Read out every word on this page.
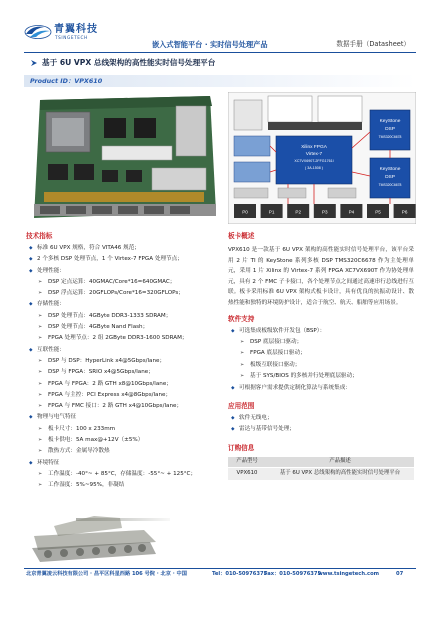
青翼科技
TSINGETECH
嵌入式智能平台 · 实时信号处理产品	数据手册（Datasheet）
基于 6U VPX 总线架构的高性能实时信号处理平台
Product ID：VPX610
Xilinx FPGA
Virtex-7
XC7VX690T-2FFG1761I
( 3A-1508 )
KeyStone
DSP
TMS320C6678
KeyStone
DSP
TMS320C6678
P0	P1	P2	P3	P4	P5	P6
技术指标
◆ 标准 6U VPX 规格，符合 VITA46 规范；
◆ 2 个多核 DSP 处理节点，1 个 Virtex-7 FPGA 处理节点；
◆ 处理性能：
➢ DSP 定点运算：40GMAC/Core*16=640GMAC；
➢ DSP 浮点运算：20GFLOPs/Core*16=320GFLOPs；
◆ 存储性能：
➢ DSP 处理节点：4GByte DDR3-1333 SDRAM；
➢ DSP 处理节点：4GByte Nand Flash；
➢ FPGA 处理节点：2 组 2GByte DDR3-1600 SDRAM；
◆ 互联性能：
➢ DSP 与 DSP：HyperLink x4@5Gbps/lane；
➢ DSP 与 FPGA：SRIO x4@5Gbps/lane；
➢ FPGA 与 FPGA：2 路 GTH x8@10Gbps/lane；
➢ FPGA 与主控：PCI Express x4@8Gbps/lane；
➢ FPGA 与 FMC 接口：2 路 GTH x4@10Gbps/lane；
◆ 物理与电气特征
➢ 板卡尺寸：100 x 233mm
➢ 板卡供电：5A max@+12V（±5%）
➢ 散热方式：金属导冷散热
◆ 环境特征
➢ 工作温度：-40°~ + 85°C，存储温度：-55°~ + 125°C；
➢ 工作湿度：5%~95%，非凝结
板卡概述
VPX610 是一款基于 6U VPX 架构的高性能实时信号处理平台，该平台采用 2 片 TI 的 KeyStone 系列多核 DSP TMS320C6678 作为主处理单元，采用 1 片 Xilinx 的 Virtex-7 系列 FPGA XC7VX690T 作为协处理单元，具有 2 个 FMC 子卡接口，各个处理节点之间通过高速串行总线进行互联。板卡采用标准 6U VPX 架构式板卡设计，具有优良的抗振动设计、散热性能和独特的环境防护设计，适合于航空、航天、船舶等应用场景。
软件支持
◆ 可选集成板级软件开发包（BSP）：
➢ DSP 底层接口驱动；
➢ FPGA 底层接口驱动；
➢ 板级互联接口驱动；
➢ 基于 SYS/BIOS 的多核并行处理底层驱动；
◆ 可根据客户需求提供定制化算法与系统集成：
应用范围
◆ 软件无线电；
◆ 雷达与基带信号处理；
订购信息
产品型号	产品描述
VPX610	基于 6U VPX 总线架构的高性能实时信号处理平台
北京青翼凌云科技有限公司 · 昌平区科星西路 106 号院 · 北京 · 中国	Tel：010-50976375
Fax：010-50976375
www.tsingetech.com	07
